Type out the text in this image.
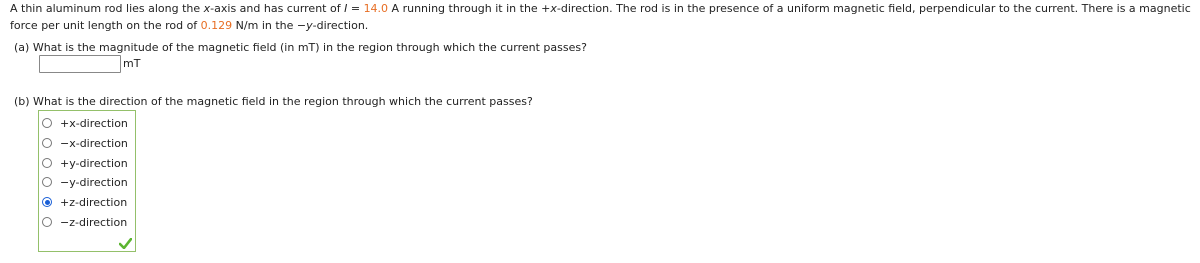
A thin aluminum rod lies along the x-axis and has current of I = 14.0 A running through it in the +x-direction. The rod is in the presence of a uniform magnetic field, perpendicular to the current. There is a magnetic force per unit length on the rod of 0.129 N/m in the −y-direction.
(a) What is the magnitude of the magnetic field (in mT) in the region through which the current passes?
mT
(b) What is the direction of the magnetic field in the region through which the current passes?
+x-direction
−x-direction
+y-direction
−y-direction
+z-direction
−z-direction
